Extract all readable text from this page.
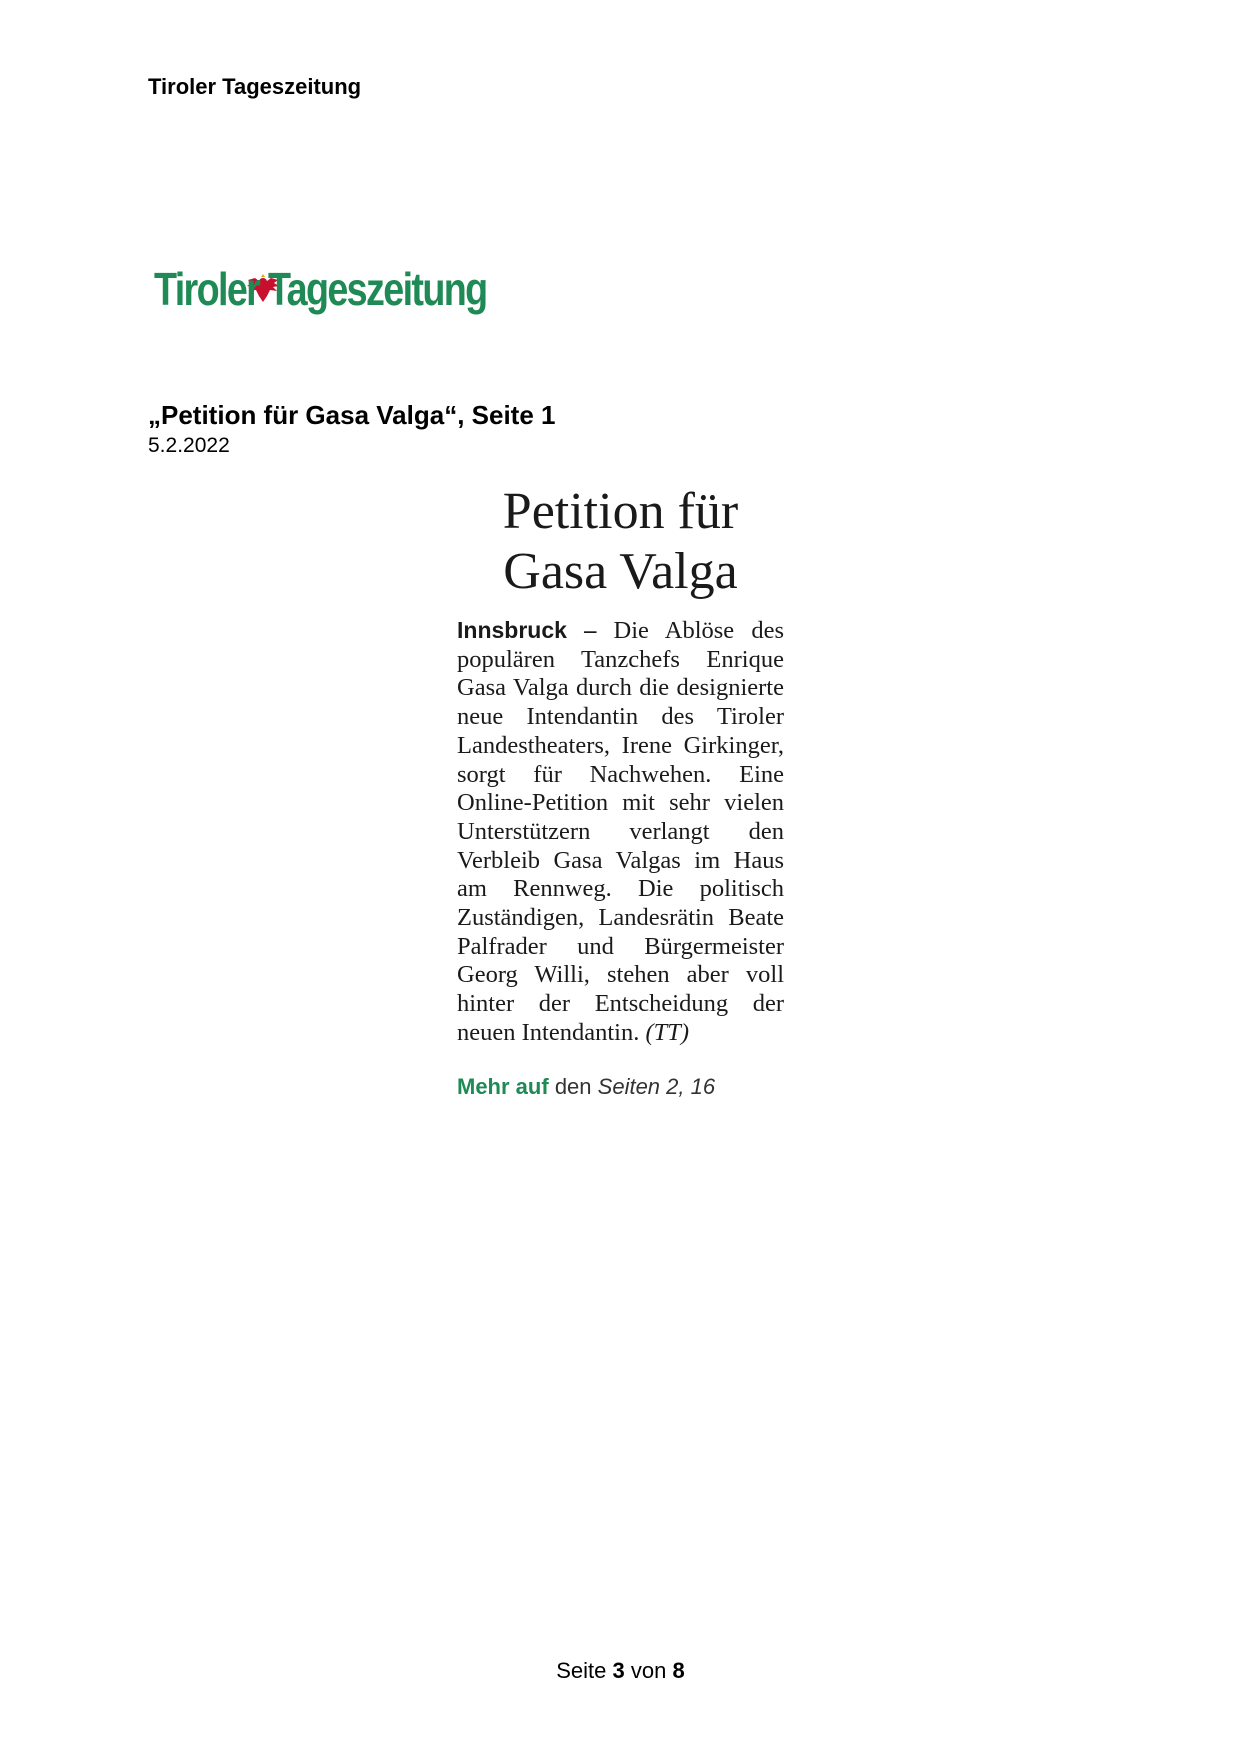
Tiroler Tageszeitung
Tiroler Tageszeitung
„Petition für Gasa Valga“, Seite 1
5.2.2022
Petition für
Gasa Valga

Innsbruck – Die Ablöse des populären Tanzchefs Enrique Gasa Valga durch die designierte neue Intendantin des Tiroler Landestheaters, Irene Girkinger, sorgt für Nachwehen. Eine Online-Petition mit sehr vielen Unterstützern verlangt den Verbleib Gasa Valgas im Haus am Rennweg. Die politisch Zuständigen, Landesrätin Beate Palfrader und Bürgermeister Georg Willi, stehen aber voll hinter der Entscheidung der neuen Intendantin. (TT)

Mehr auf den Seiten 2, 16
Seite 3 von 8
